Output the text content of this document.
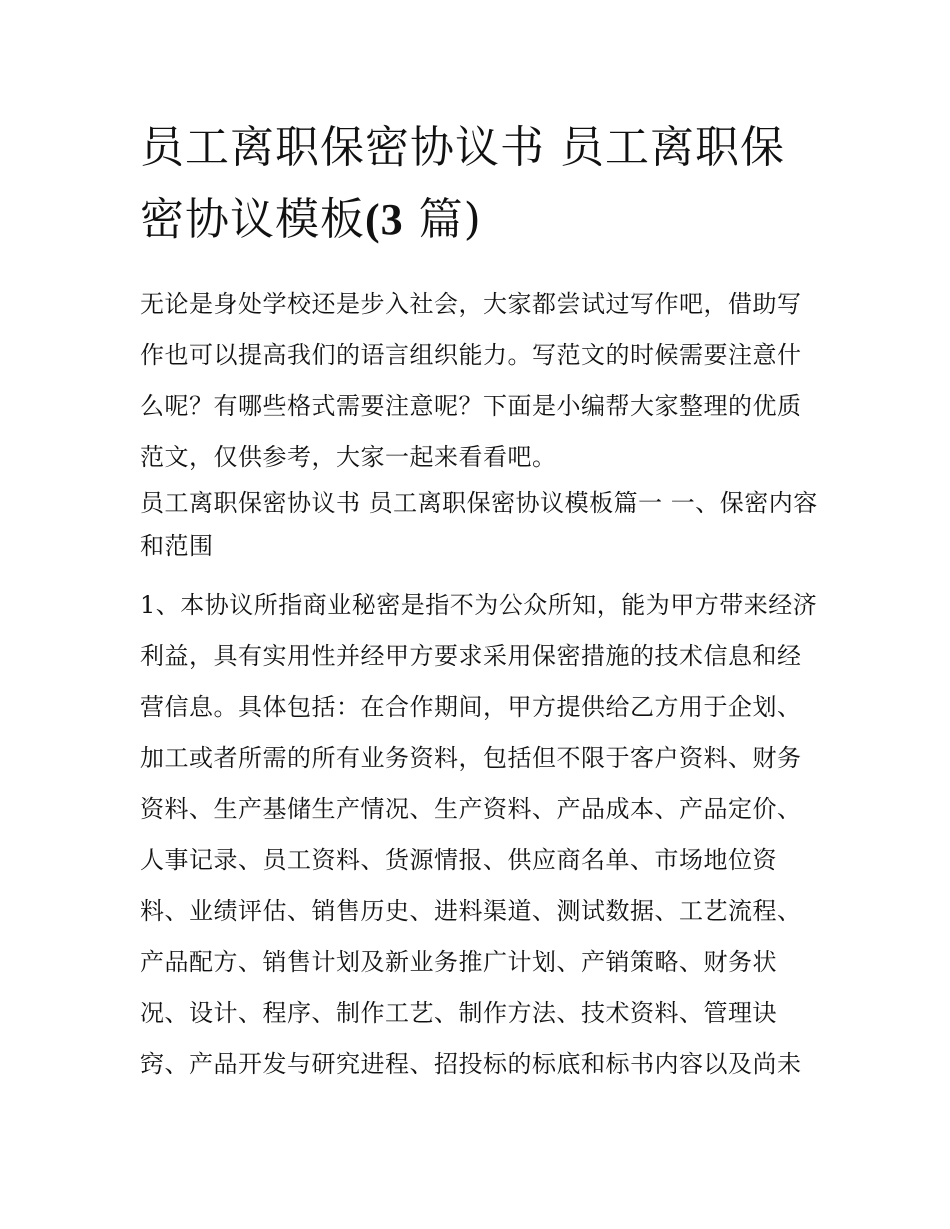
员工离职保密协议书 员工离职保密协议模板(3 篇)

无论是身处学校还是步入社会，大家都尝试过写作吧，借助写作也可以提高我们的语言组织能力。写范文的时候需要注意什么呢？有哪些格式需要注意呢？下面是小编帮大家整理的优质范文，仅供参考，大家一起来看看吧。

员工离职保密协议书 员工离职保密协议模板篇一 一、保密内容和范围

1、本协议所指商业秘密是指不为公众所知，能为甲方带来经济利益，具有实用性并经甲方要求采用保密措施的技术信息和经营信息。具体包括：在合作期间，甲方提供给乙方用于企划、加工或者所需的所有业务资料，包括但不限于客户资料、财务资料、生产基储生产情况、生产资料、产品成本、产品定价、人事记录、员工资料、货源情报、供应商名单、市场地位资料、业绩评估、销售历史、进料渠道、测试数据、工艺流程、产品配方、销售计划及新业务推广计划、产销策略、财务状况、设计、程序、制作工艺、制作方法、技术资料、管理诀窍、产品开发与研究进程、招投标的标底和标书内容以及尚未
